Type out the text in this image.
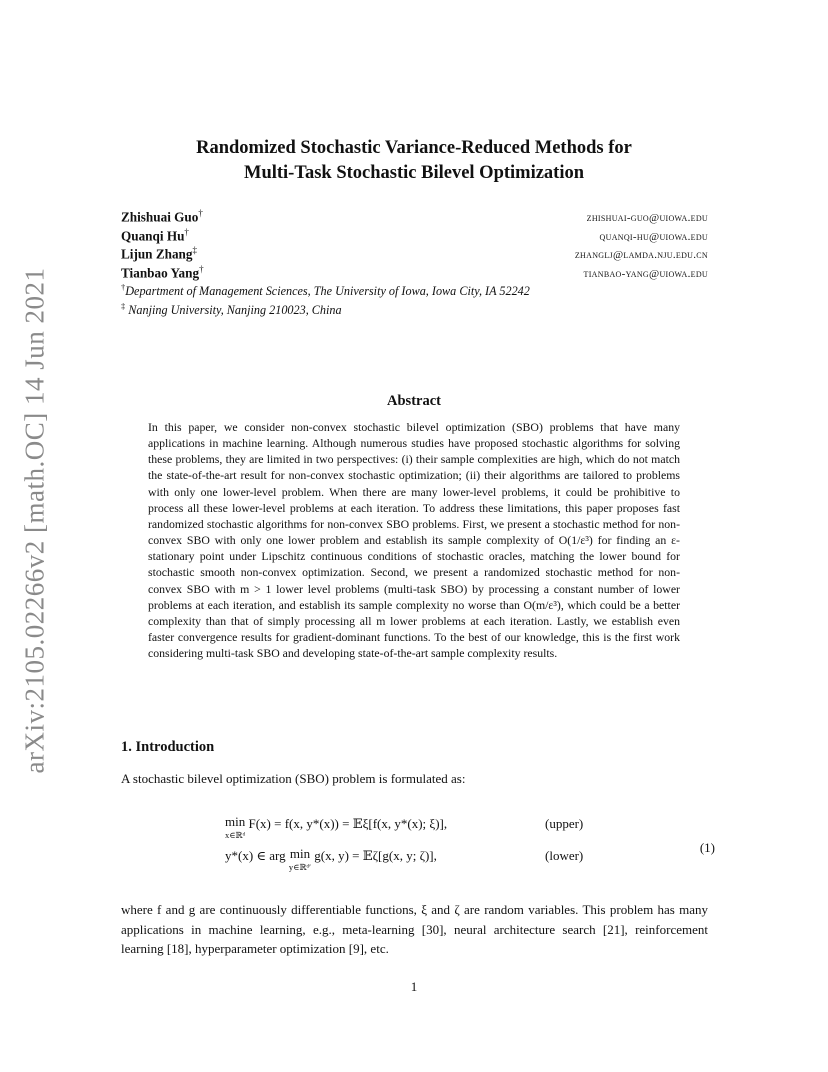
arXiv:2105.02266v2 [math.OC] 14 Jun 2021
Randomized Stochastic Variance-Reduced Methods for
Multi-Task Stochastic Bilevel Optimization
Zhishuai Guo†	zhishuai-guo@uiowa.edu
Quanqi Hu†	quanqi-hu@uiowa.edu
Lijun Zhang‡	zhanglj@lamda.nju.edu.cn
Tianbao Yang†	tianbao-yang@uiowa.edu
†Department of Management Sciences, The University of Iowa, Iowa City, IA 52242
‡ Nanjing University, Nanjing 210023, China
Abstract
In this paper, we consider non-convex stochastic bilevel optimization (SBO) problems that have many applications in machine learning. Although numerous studies have proposed stochastic algorithms for solving these problems, they are limited in two perspectives: (i) their sample complexities are high, which do not match the state-of-the-art result for non-convex stochastic optimization; (ii) their algorithms are tailored to problems with only one lower-level problem. When there are many lower-level problems, it could be prohibitive to process all these lower-level problems at each iteration. To address these limitations, this paper proposes fast randomized stochastic algorithms for non-convex SBO problems. First, we present a stochastic method for non-convex SBO with only one lower problem and establish its sample complexity of O(1/ε³) for finding an ε-stationary point under Lipschitz continuous conditions of stochastic oracles, matching the lower bound for stochastic smooth non-convex optimization. Second, we present a randomized stochastic method for non-convex SBO with m > 1 lower level problems (multi-task SBO) by processing a constant number of lower problems at each iteration, and establish its sample complexity no worse than O(m/ε³), which could be a better complexity than that of simply processing all m lower problems at each iteration. Lastly, we establish even faster convergence results for gradient-dominant functions. To the best of our knowledge, this is the first work considering multi-task SBO and developing state-of-the-art sample complexity results.
1. Introduction
A stochastic bilevel optimization (SBO) problem is formulated as:
min
x∈ℝᵈ F(x) = f(x, y*(x)) = 𝔼ξ[f(x, y*(x); ξ)],	(upper)
y*(x) ∈ arg min
y∈ℝᵈ′ g(x, y) = 𝔼ζ[g(x, y; ζ)],	(lower)
(1)
where f and g are continuously differentiable functions, ξ and ζ are random variables. This problem has many applications in machine learning, e.g., meta-learning [30], neural architecture search [21], reinforcement learning [18], hyperparameter optimization [9], etc.
1
